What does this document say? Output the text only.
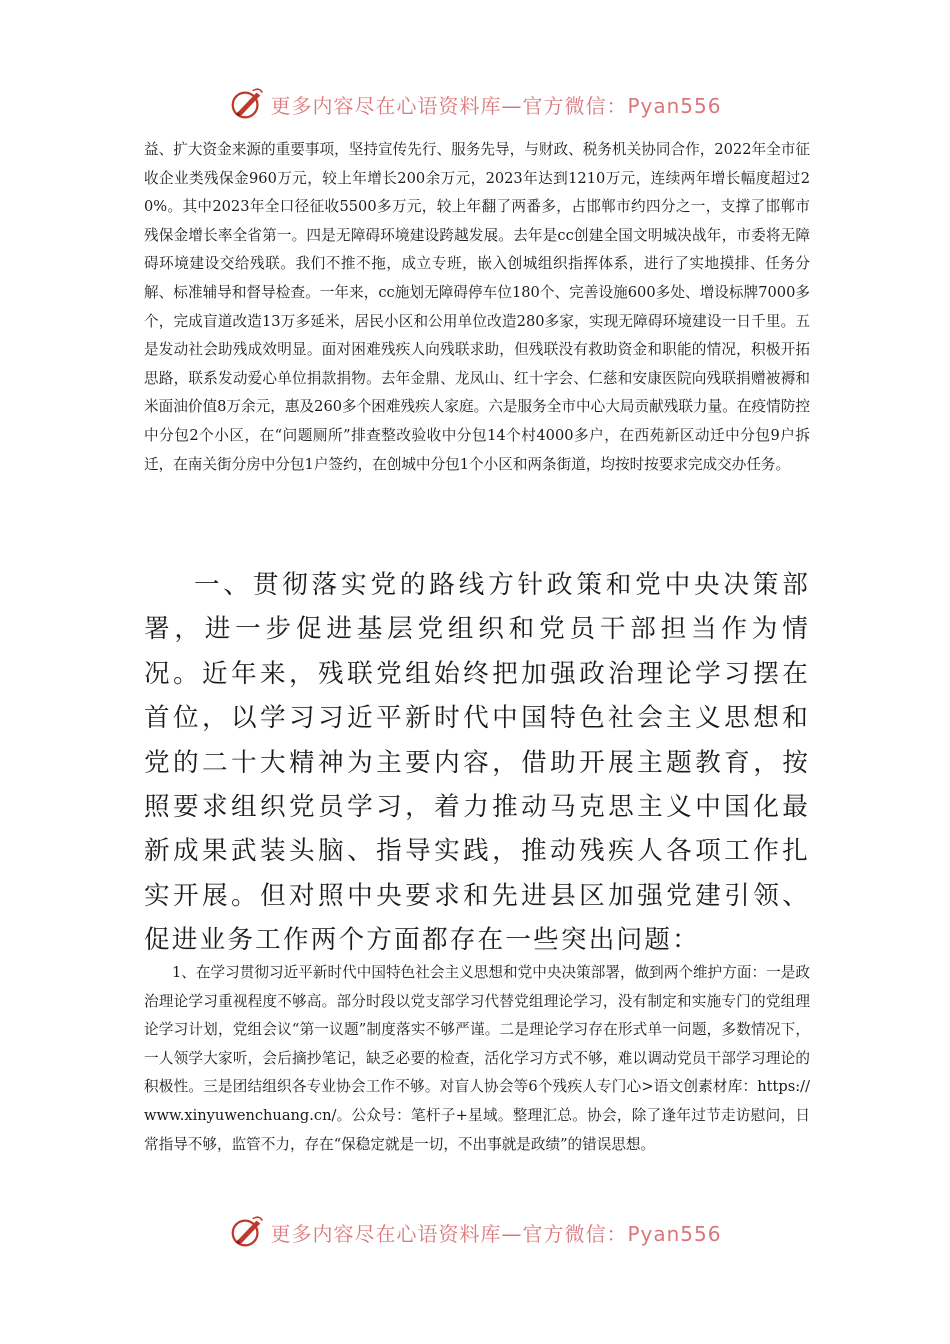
更多内容尽在心语资料库—官方微信：Pyan556

益、扩大资金来源的重要事项，坚持宣传先行、服务先导，与财政、税务机关协同合作，2022年全市征收企业类残保金960万元，较上年增长200余万元，2023年达到1210万元，连续两年增长幅度超过20%。其中2023年全口径征收5500多万元，较上年翻了两番多，占邯郸市约四分之一，支撑了邯郸市残保金增长率全省第一。四是无障碍环境建设跨越发展。去年是cc创建全国文明城决战年，市委将无障碍环境建设交给残联。我们不推不拖，成立专班，嵌入创城组织指挥体系，进行了实地摸排、任务分解、标准辅导和督导检查。一年来，cc施划无障碍停车位180个、完善设施600多处、增设标牌7000多个，完成盲道改造13万多延米，居民小区和公用单位改造280多家，实现无障碍环境建设一日千里。五是发动社会助残成效明显。面对困难残疾人向残联求助，但残联没有救助资金和职能的情况，积极开拓思路，联系发动爱心单位捐款捐物。去年金鼎、龙凤山、红十字会、仁慈和安康医院向残联捐赠被褥和米面油价值8万余元，惠及260多个困难残疾人家庭。六是服务全市中心大局贡献残联力量。在疫情防控中分包2个小区，在“问题厕所”排查整改验收中分包14个村4000多户，在西苑新区动迁中分包9户拆迁，在南关街分房中分包1户签约，在创城中分包1个小区和两条街道，均按时按要求完成交办任务。

一、贯彻落实党的路线方针政策和党中央决策部署，进一步促进基层党组织和党员干部担当作为情况。近年来，残联党组始终把加强政治理论学习摆在首位，以学习习近平新时代中国特色社会主义思想和党的二十大精神为主要内容，借助开展主题教育，按照要求组织党员学习，着力推动马克思主义中国化最新成果武装头脑、指导实践，推动残疾人各项工作扎实开展。但对照中央要求和先进县区加强党建引领、促进业务工作两个方面都存在一些突出问题：

1、在学习贯彻习近平新时代中国特色社会主义思想和党中央决策部署，做到两个维护方面：一是政治理论学习重视程度不够高。部分时段以党支部学习代替党组理论学习，没有制定和实施专门的党组理论学习计划，党组会议“第一议题”制度落实不够严谨。二是理论学习存在形式单一问题，多数情况下，一人领学大家听，会后摘抄笔记，缺乏必要的检查，活化学习方式不够，难以调动党员干部学习理论的积极性。三是团结组织各专业协会工作不够。对盲人协会等6个残疾人专门心>语文创素材库：https://www.xinyuwenchuang.cn/。公众号：笔杆子+星域。整理汇总。协会，除了逢年过节走访慰问，日常指导不够，监管不力，存在“保稳定就是一切，不出事就是政绩”的错误思想。

更多内容尽在心语资料库—官方微信：Pyan556
